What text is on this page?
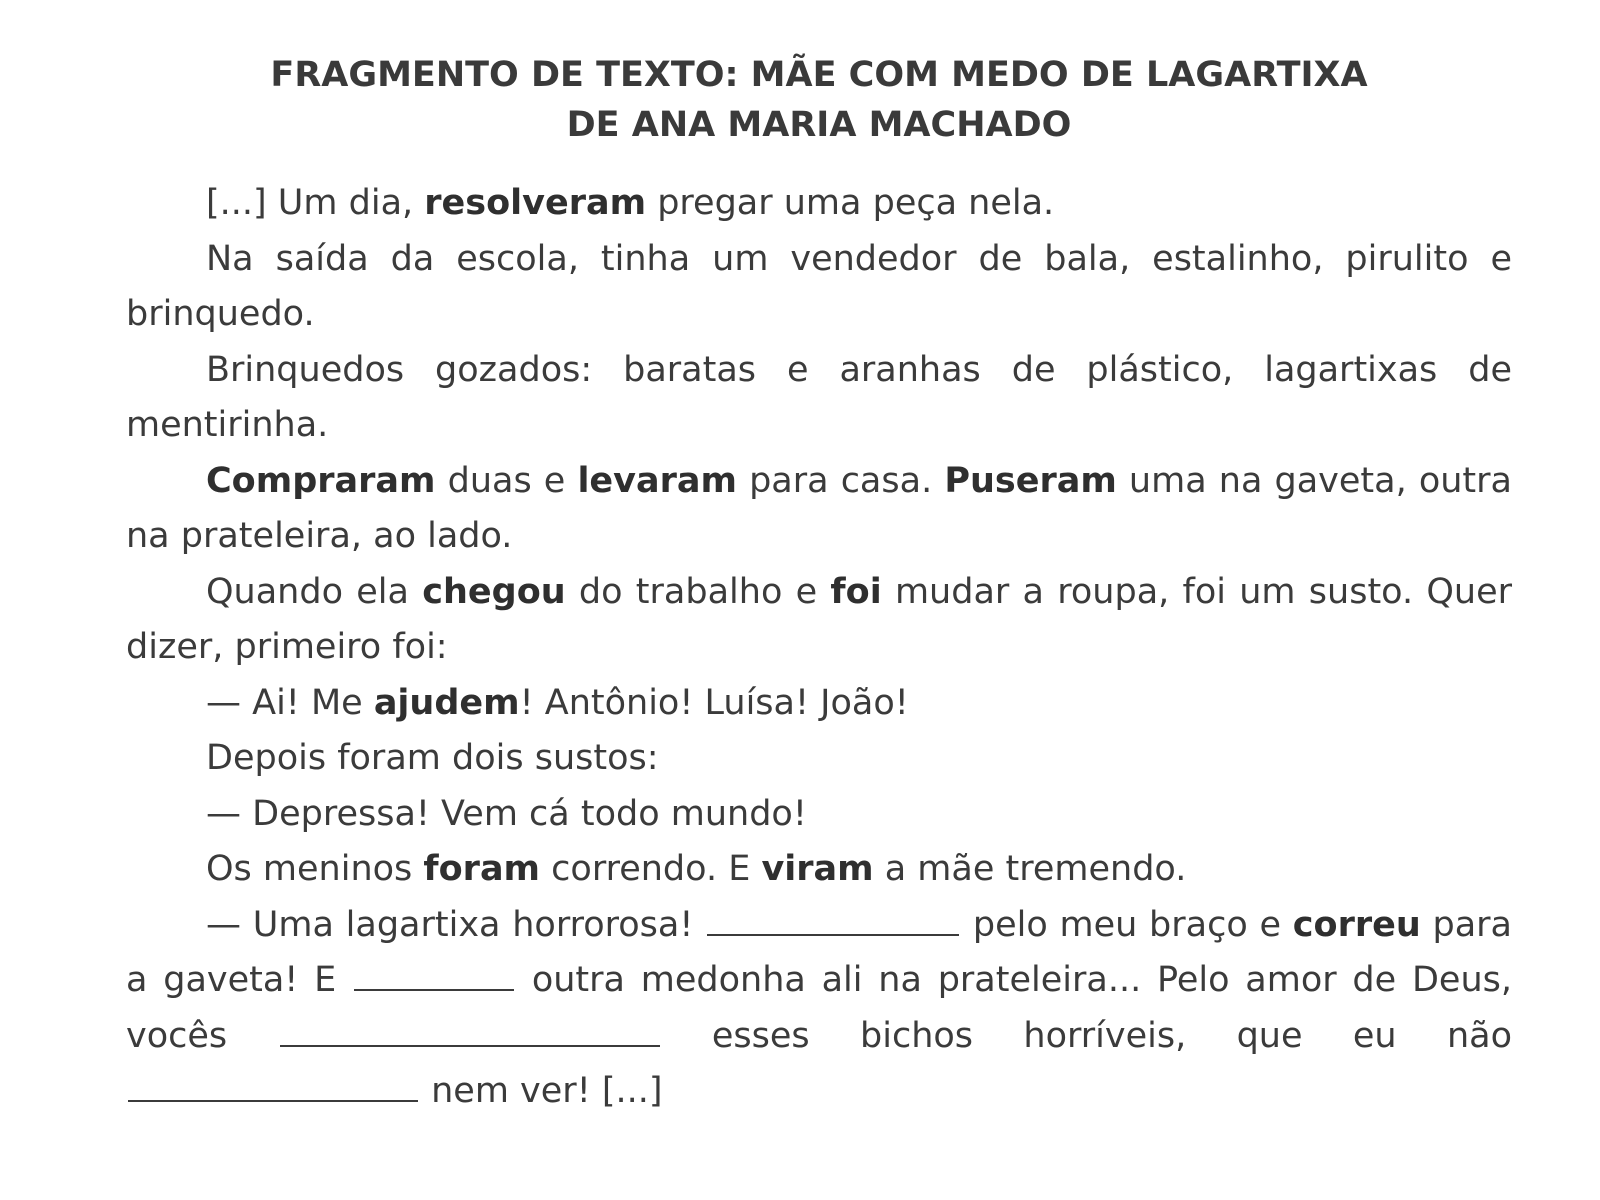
FRAGMENTO DE TEXTO: MÃE COM MEDO DE LAGARTIXA
DE ANA MARIA MACHADO

[...] Um dia, resolveram pregar uma peça nela.

Na saída da escola, tinha um vendedor de bala, estalinho, pirulito e brinquedo.

Brinquedos gozados: baratas e aranhas de plástico, lagartixas de mentirinha.

Compraram duas e levaram para casa. Puseram uma na gaveta, outra na prateleira, ao lado.

Quando ela chegou do trabalho e foi mudar a roupa, foi um susto. Quer dizer, primeiro foi:

— Ai! Me ajudem! Antônio! Luísa! João!

Depois foram dois sustos:

— Depressa! Vem cá todo mundo!

Os meninos foram correndo. E viram a mãe tremendo.

— Uma lagartixa horrorosa!	pelo meu braço e correu para a gaveta! E	outra medonha ali na prateleira... Pelo amor de Deus, vocês	esses bichos horríveis, que eu não  nem ver! [...]
